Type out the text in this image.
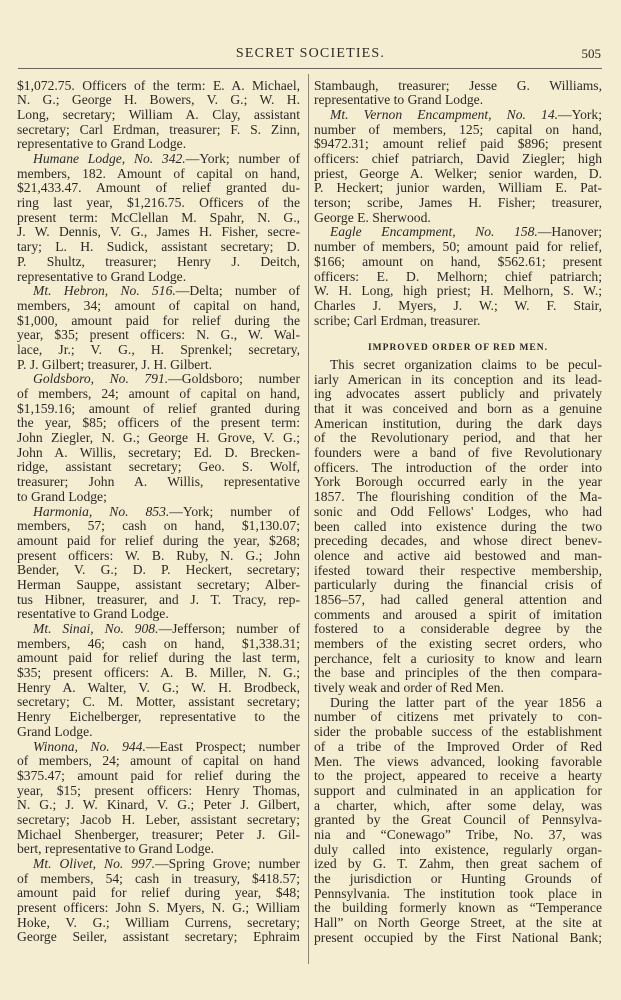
SECRET SOCIETIES.	505
$1,072.75. Officers of the term: E. A. Michael,
N. G.; George H. Bowers, V. G.; W. H.
Long, secretary; William A. Clay, assistant
secretary; Carl Erdman, treasurer; F. S. Zinn,
representative to Grand Lodge.
Humane Lodge, No. 342.—York; number of
members, 182. Amount of capital on hand,
$21,433.47. Amount of relief granted du-
ring last year, $1,216.75. Officers of the
present term: McClellan M. Spahr, N. G.,
J. W. Dennis, V. G., James H. Fisher, secre-
tary; L. H. Sudick, assistant secretary; D.
P. Shultz, treasurer; Henry J. Deitch,
representative to Grand Lodge.
Mt. Hebron, No. 516.—Delta; number of
members, 34; amount of capital on hand,
$1,000, amount paid for relief during the
year, $35; present officers: N. G., W. Wal-
lace, Jr.; V. G., H. Sprenkel; secretary,
P. J. Gilbert; treasurer, J. H. Gilbert.
Goldsboro, No. 791.—Goldsboro; number
of members, 24; amount of capital on hand,
$1,159.16; amount of relief granted during
the year, $85; officers of the present term:
John Ziegler, N. G.; George H. Grove, V. G.;
John A. Willis, secretary; Ed. D. Brecken-
ridge, assistant secretary; Geo. S. Wolf,
treasurer; John A. Willis, representative
to Grand Lodge;
Harmonia, No. 853.—York; number of
members, 57; cash on hand, $1,130.07;
amount paid for relief during the year, $268;
present officers: W. B. Ruby, N. G.; John
Bender, V. G.; D. P. Heckert, secretary;
Herman Sauppe, assistant secretary; Alber-
tus Hibner, treasurer, and J. T. Tracy, rep-
resentative to Grand Lodge.
Mt. Sinai, No. 908.—Jefferson; number of
members, 46; cash on hand, $1,338.31;
amount paid for relief during the last term,
$35; present officers: A. B. Miller, N. G.;
Henry A. Walter, V. G.; W. H. Brodbeck,
secretary; C. M. Motter, assistant secretary;
Henry Eichelberger, representative to the
Grand Lodge.
Winona, No. 944.—East Prospect; number
of members, 24; amount of capital on hand
$375.47; amount paid for relief during the
year, $15; present officers: Henry Thomas,
N. G.; J. W. Kinard, V. G.; Peter J. Gilbert,
secretary; Jacob H. Leber, assistant secretary;
Michael Shenberger, treasurer; Peter J. Gil-
bert, representative to Grand Lodge.
Mt. Olivet, No. 997.—Spring Grove; number
of members, 54; cash in treasury, $418.57;
amount paid for relief during year, $48;
present officers: John S. Myers, N. G.; William
Hoke, V. G.; William Currens, secretary;
George Seiler, assistant secretary; Ephraim
Stambaugh, treasurer; Jesse G. Williams,
representative to Grand Lodge.
Mt. Vernon Encampment, No. 14.—York;
number of members, 125; capital on hand,
$9472.31; amount relief paid $896; present
officers: chief patriarch, David Ziegler; high
priest, George A. Welker; senior warden, D.
P. Heckert; junior warden, William E. Pat-
terson; scribe, James H. Fisher; treasurer,
George E. Sherwood.
Eagle Encampment, No. 158.—Hanover;
number of members, 50; amount paid for relief,
$166; amount on hand, $562.61; present
officers: E. D. Melhorn; chief patriarch;
W. H. Long, high priest; H. Melhorn, S. W.;
Charles J. Myers, J. W.; W. F. Stair,
scribe; Carl Erdman, treasurer.
IMPROVED ORDER OF RED MEN.
This secret organization claims to be pecul-
iarly American in its conception and its lead-
ing advocates assert publicly and privately
that it was conceived and born as a genuine
American institution, during the dark days
of the Revolutionary period, and that her
founders were a band of five Revolutionary
officers. The introduction of the order into
York Borough occurred early in the year
1857. The flourishing condition of the Ma-
sonic and Odd Fellows' Lodges, who had
been called into existence during the two
preceding decades, and whose direct benev-
olence and active aid bestowed and man-
ifested toward their respective membership,
particularly during the financial crisis of
1856–57, had called general attention and
comments and aroused a spirit of imitation
fostered to a considerable degree by the
members of the existing secret orders, who
perchance, felt a curiosity to know and learn
the base and principles of the then compara-
tively weak and order of Red Men.
During the latter part of the year 1856 a
number of citizens met privately to con-
sider the probable success of the establishment
of a tribe of the Improved Order of Red
Men. The views advanced, looking favorable
to the project, appeared to receive a hearty
support and culminated in an application for
a charter, which, after some delay, was
granted by the Great Council of Pennsylva-
nia and “Conewago” Tribe, No. 37, was
duly called into existence, regularly organ-
ized by G. T. Zahm, then great sachem of
the jurisdiction or Hunting Grounds of
Pennsylvania. The institution took place in
the building formerly known as “Temperance
Hall” on North George Street, at the site at
present occupied by the First National Bank;
